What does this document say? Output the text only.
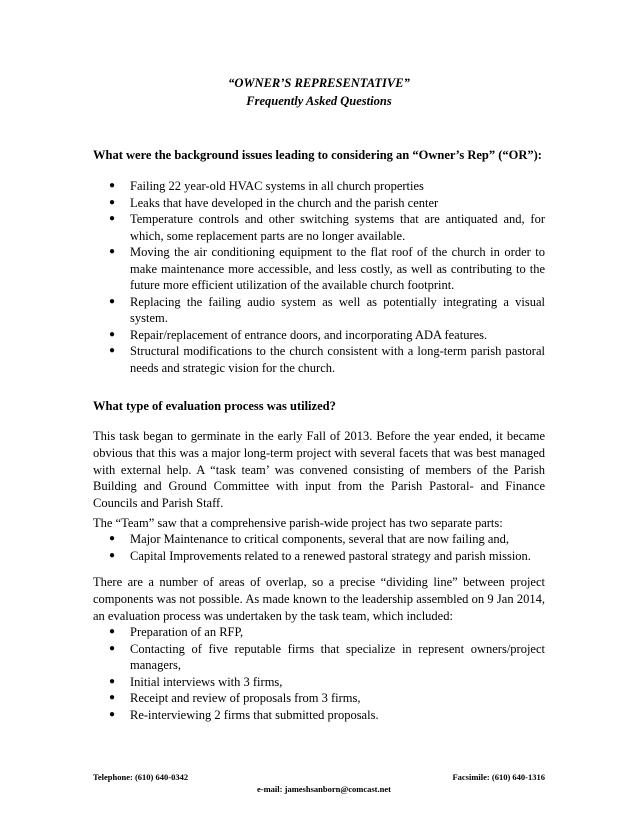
“OWNER’S REPRESENTATIVE”
Frequently Asked Questions
What were the background issues leading to considering an “Owner’s Rep” (“OR”):
● Failing 22 year-old HVAC systems in all church properties
● Leaks that have developed in the church and the parish center
● Temperature controls and other switching systems that are antiquated and, for which, some replacement parts are no longer available.
● Moving the air conditioning equipment to the flat roof of the church in order to make maintenance more accessible, and less costly, as well as contributing to the future more efficient utilization of the available church footprint.
● Replacing the failing audio system as well as potentially integrating a visual system.
● Repair/replacement of entrance doors, and incorporating ADA features.
● Structural modifications to the church consistent with a long-term parish pastoral needs and strategic vision for the church.
What type of evaluation process was utilized?
This task began to germinate in the early Fall of 2013. Before the year ended, it became obvious that this was a major long-term project with several facets that was best managed with external help. A “task team’ was convened consisting of members of the Parish Building and Ground Committee with input from the Parish Pastoral- and Finance Councils and Parish Staff.
The “Team” saw that a comprehensive parish-wide project has two separate parts:
● Major Maintenance to critical components, several that are now failing and,
● Capital Improvements related to a renewed pastoral strategy and parish mission.
There are a number of areas of overlap, so a precise “dividing line” between project components was not possible. As made known to the leadership assembled on 9 Jan 2014, an evaluation process was undertaken by the task team, which included:
● Preparation of an RFP,
● Contacting of five reputable firms that specialize in represent owners/project managers,
● Initial interviews with 3 firms,
● Receipt and review of proposals from 3 firms,
● Re-interviewing 2 firms that submitted proposals.
Telephone: (610) 640-0342	Facsimile: (610) 640-1316
e-mail: jameshsanborn@comcast.net
